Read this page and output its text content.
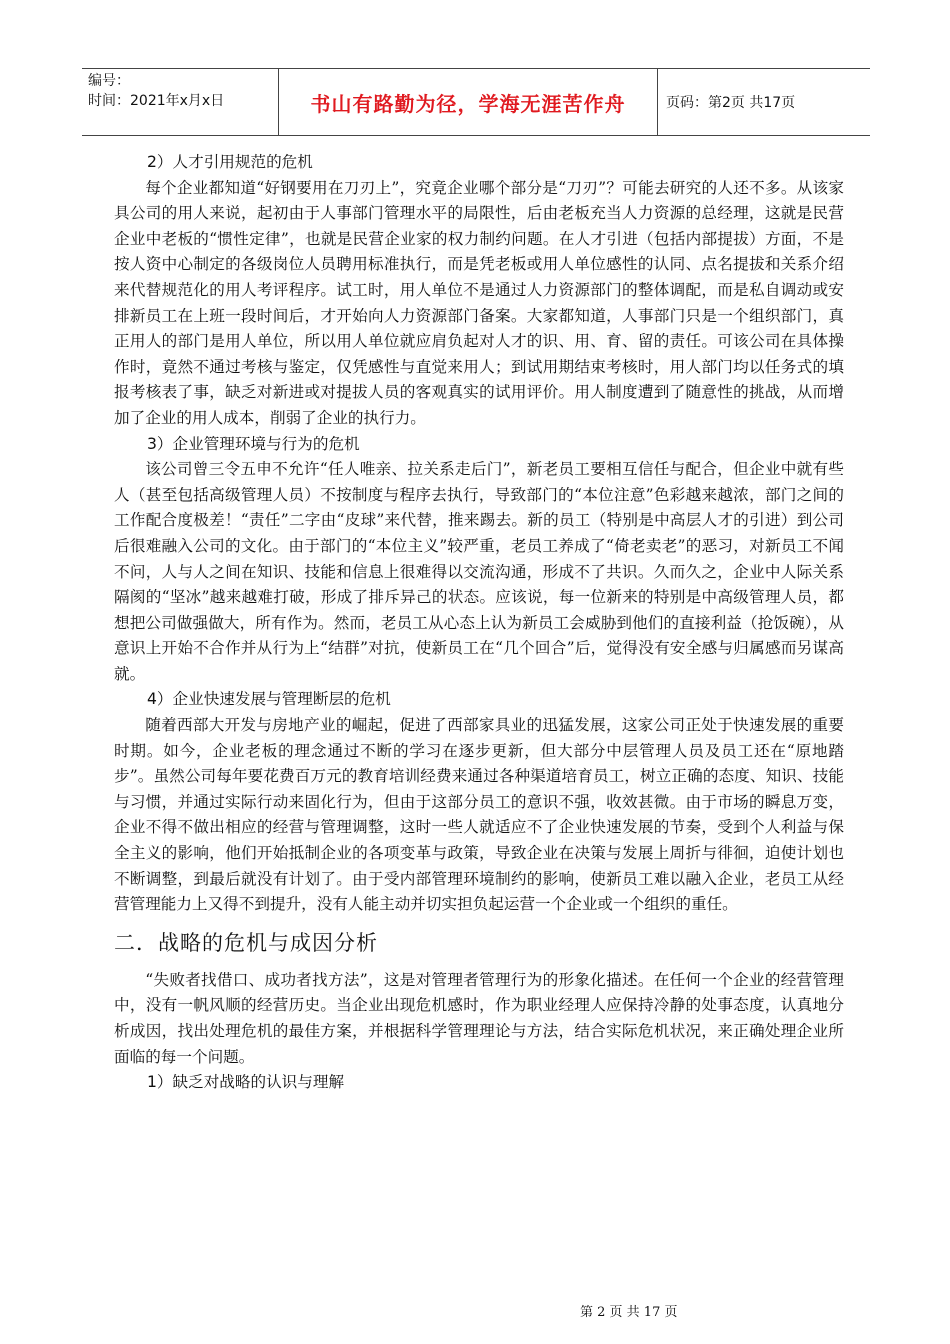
编号：
时间：2021年x月x日	书山有路勤为径，学海无涯苦作舟	页码：第2页 共17页
2）人才引用规范的危机

每个企业都知道“好钢要用在刀刃上”，究竟企业哪个部分是“刀刃”？可能去研究的人还不多。从该家具公司的用人来说，起初由于人事部门管理水平的局限性，后由老板充当人力资源的总经理，这就是民营企业中老板的“惯性定律”，也就是民营企业家的权力制约问题。在人才引进（包括内部提拔）方面，不是按人资中心制定的各级岗位人员聘用标准执行，而是凭老板或用人单位感性的认同、点名提拔和关系介绍来代替规范化的用人考评程序。试工时，用人单位不是通过人力资源部门的整体调配，而是私自调动或安排新员工在上班一段时间后，才开始向人力资源部门备案。大家都知道，人事部门只是一个组织部门，真正用人的部门是用人单位，所以用人单位就应肩负起对人才的识、用、育、留的责任。可该公司在具体操作时，竟然不通过考核与鉴定，仅凭感性与直觉来用人；到试用期结束考核时，用人部门均以任务式的填报考核表了事，缺乏对新进或对提拔人员的客观真实的试用评价。用人制度遭到了随意性的挑战，从而增加了企业的用人成本，削弱了企业的执行力。

3）企业管理环境与行为的危机

该公司曾三令五申不允许“任人唯亲、拉关系走后门”，新老员工要相互信任与配合，但企业中就有些人（甚至包括高级管理人员）不按制度与程序去执行，导致部门的“本位注意”色彩越来越浓，部门之间的工作配合度极差！“责任”二字由“皮球”来代替，推来踢去。新的员工（特别是中高层人才的引进）到公司后很难融入公司的文化。由于部门的“本位主义”较严重，老员工养成了“倚老卖老”的恶习，对新员工不闻不问，人与人之间在知识、技能和信息上很难得以交流沟通，形成不了共识。久而久之，企业中人际关系隔阂的“坚冰”越来越难打破，形成了排斥异己的状态。应该说，每一位新来的特别是中高级管理人员，都想把公司做强做大，所有作为。然而，老员工从心态上认为新员工会威胁到他们的直接利益（抢饭碗），从意识上开始不合作并从行为上“结群”对抗，使新员工在“几个回合”后，觉得没有安全感与归属感而另谋高就。

4）企业快速发展与管理断层的危机

随着西部大开发与房地产业的崛起，促进了西部家具业的迅猛发展，这家公司正处于快速发展的重要时期。如今，企业老板的理念通过不断的学习在逐步更新，但大部分中层管理人员及员工还在“原地踏步”。虽然公司每年要花费百万元的教育培训经费来通过各种渠道培育员工，树立正确的态度、知识、技能与习惯，并通过实际行动来固化行为，但由于这部分员工的意识不强，收效甚微。由于市场的瞬息万变，企业不得不做出相应的经营与管理调整，这时一些人就适应不了企业快速发展的节奏，受到个人利益与保全主义的影响，他们开始抵制企业的各项变革与政策，导致企业在决策与发展上周折与徘徊，迫使计划也不断调整，到最后就没有计划了。由于受内部管理环境制约的影响，使新员工难以融入企业，老员工从经营管理能力上又得不到提升，没有人能主动并切实担负起运营一个企业或一个组织的重任。

二．战略的危机与成因分析

“失败者找借口、成功者找方法”，这是对管理者管理行为的形象化描述。在任何一个企业的经营管理中，没有一帆风顺的经营历史。当企业出现危机感时，作为职业经理人应保持冷静的处事态度，认真地分析成因，找出处理危机的最佳方案，并根据科学管理理论与方法，结合实际危机状况，来正确处理企业所面临的每一个问题。

1）缺乏对战略的认识与理解
第 2 页 共 17 页
